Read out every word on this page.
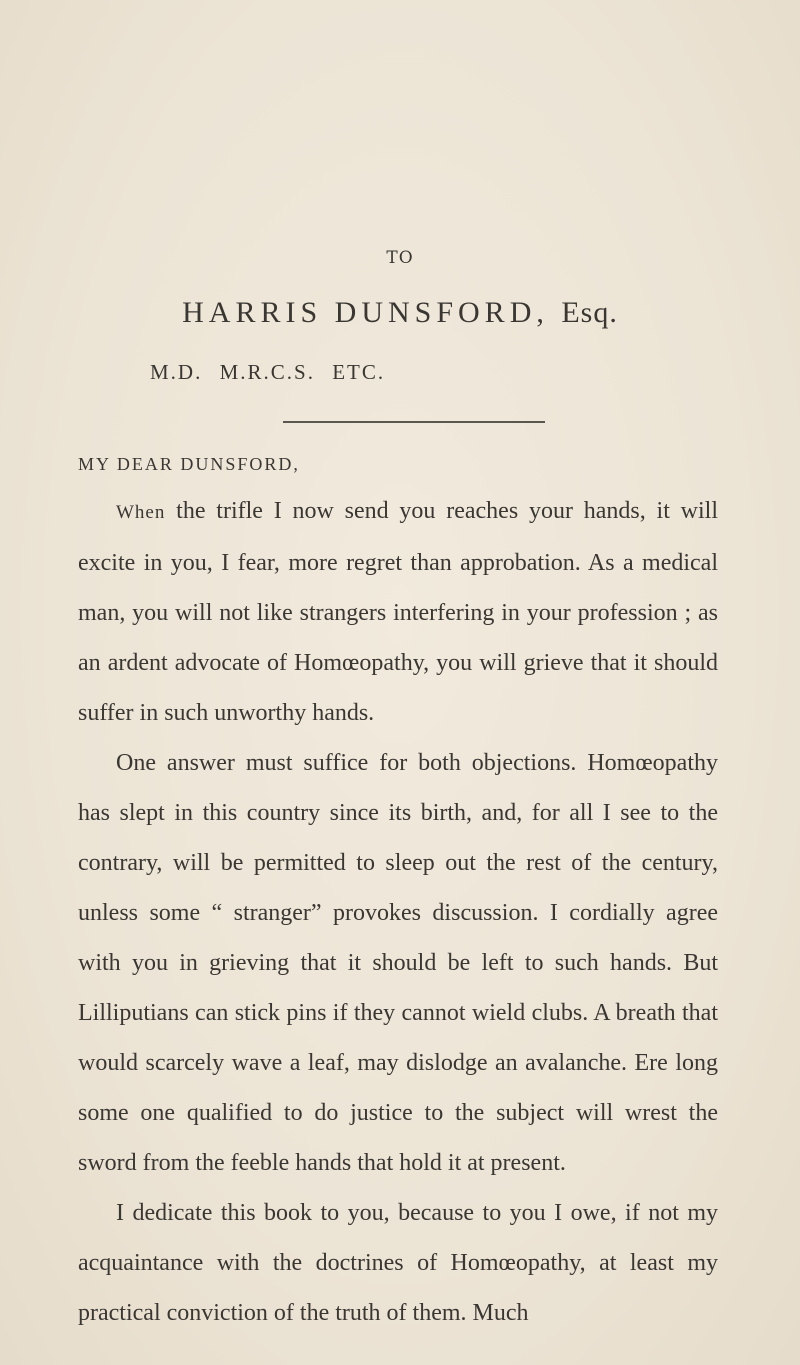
TO
HARRIS DUNSFORD, Esq.
M.D. M.R.C.S. ETC.
MY DEAR DUNSFORD,

When the trifle I now send you reaches your hands, it will excite in you, I fear, more regret than approbation. As a medical man, you will not like strangers interfering in your profession ; as an ardent advocate of Homœopathy, you will grieve that it should suffer in such unworthy hands.

One answer must suffice for both objections. Homœopathy has slept in this country since its birth, and, for all I see to the contrary, will be permitted to sleep out the rest of the century, unless some “ stranger” provokes discussion. I cordially agree with you in grieving that it should be left to such hands. But Lilliputians can stick pins if they cannot wield clubs. A breath that would scarcely wave a leaf, may dislodge an avalanche. Ere long some one qualified to do justice to the subject will wrest the sword from the feeble hands that hold it at present.

I dedicate this book to you, because to you I owe, if not my acquaintance with the doctrines of Homœopathy, at least my practical conviction of the truth of them. Much
